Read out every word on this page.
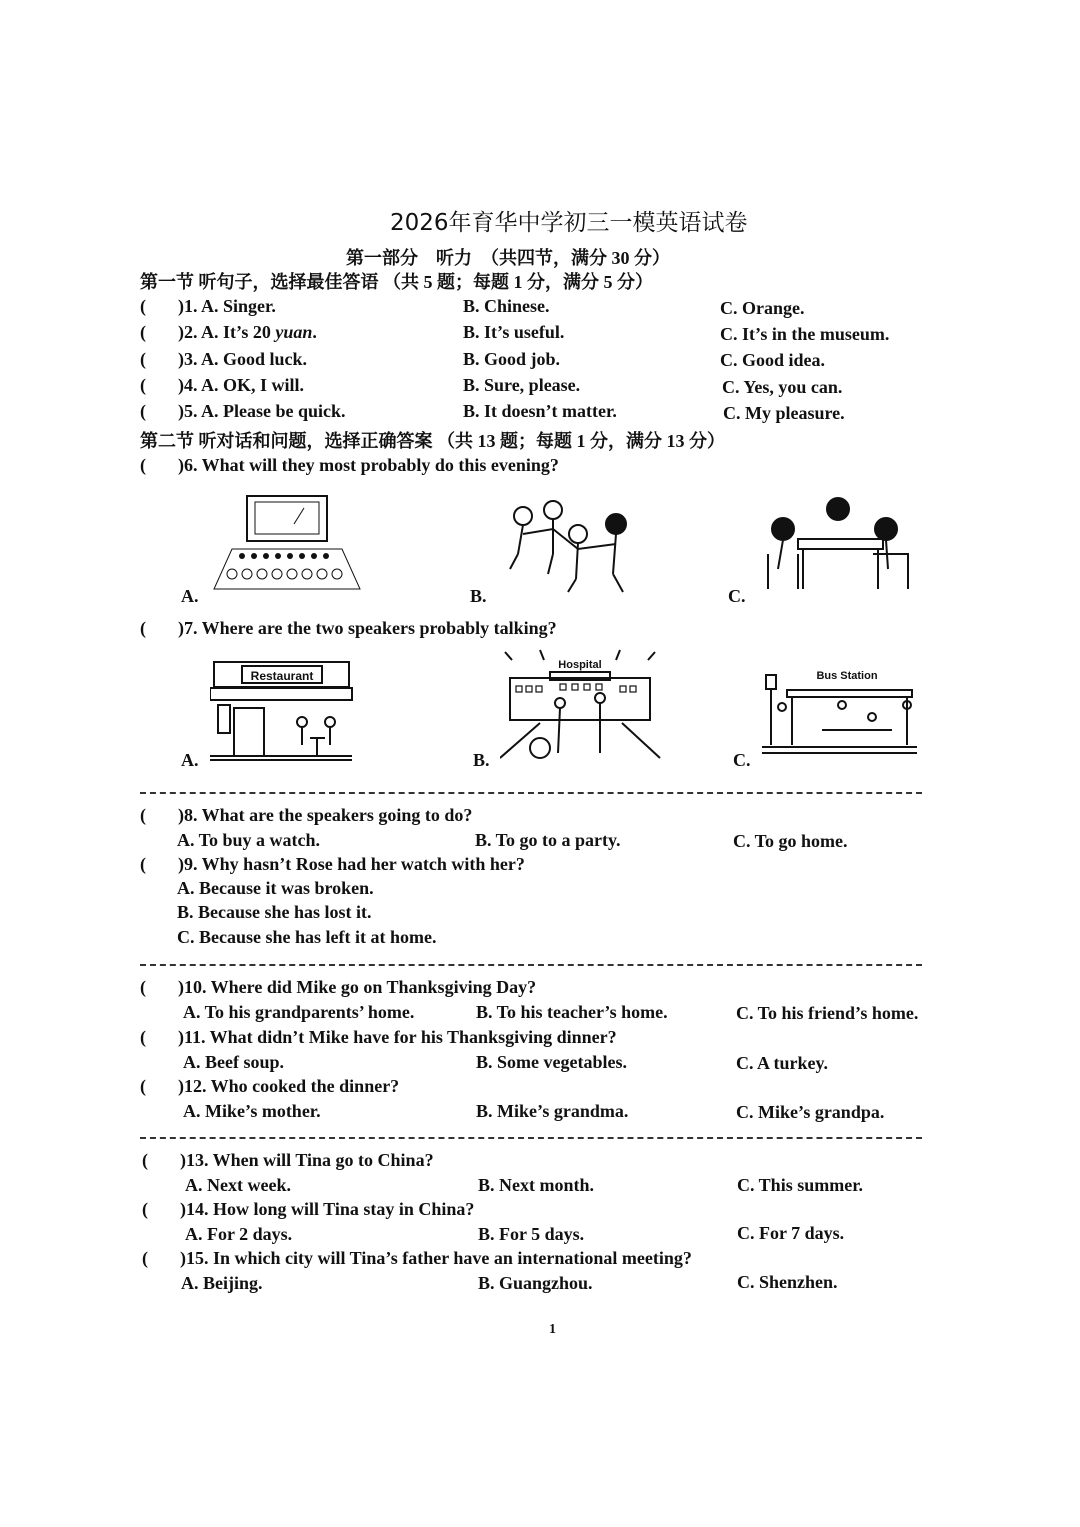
2026年育华中学初三一模英语试卷
第一部分　听力　（共四节，满分 30 分）
第一节 听句子，选择最佳答语 （共 5 题；每题 1 分，满分 5 分）
( )1. A. Singer.	B. Chinese.	C. Orange.
( )2. A. It’s 20 yuan.	B. It’s useful.	C. It’s in the museum.
( )3. A. Good luck.	B. Good job.	C. Good idea.
( )4. A. OK, I will.	B. Sure, please.	C. Yes, you can.
( )5. A. Please be quick.	B. It doesn’t matter.	C. My pleasure.
第二节 听对话和问题，选择正确答案 （共 13 题；每题 1 分，满分 13 分）
( )6. What will they most probably do this evening?
A.	B.	C.
( )7. Where are the two speakers probably talking?
Restaurant
Hospital
Bus Station
A.	B.	C.
( )8. What are the speakers going to do?
A. To buy a watch.	B. To go to a party.	C. To go home.
( )9. Why hasn’t Rose had her watch with her?
A. Because it was broken.
B. Because she has lost it.
C. Because she has left it at home.
( )10. Where did Mike go on Thanksgiving Day?
A. To his grandparents’ home.	B. To his teacher’s home.	C. To his friend’s home.
( )11. What didn’t Mike have for his Thanksgiving dinner?
A. Beef soup.	B. Some vegetables.	C. A turkey.
( )12. Who cooked the dinner?
A. Mike’s mother.	B. Mike’s grandma.	C. Mike’s grandpa.
( )13. When will Tina go to China?
A. Next week.	B. Next month.	C. This summer.
( )14. How long will Tina stay in China?
A. For 2 days.	B. For 5 days.	C. For 7 days.
( )15. In which city will Tina’s father have an international meeting?
A. Beijing.	B. Guangzhou.	C. Shenzhen.
1
